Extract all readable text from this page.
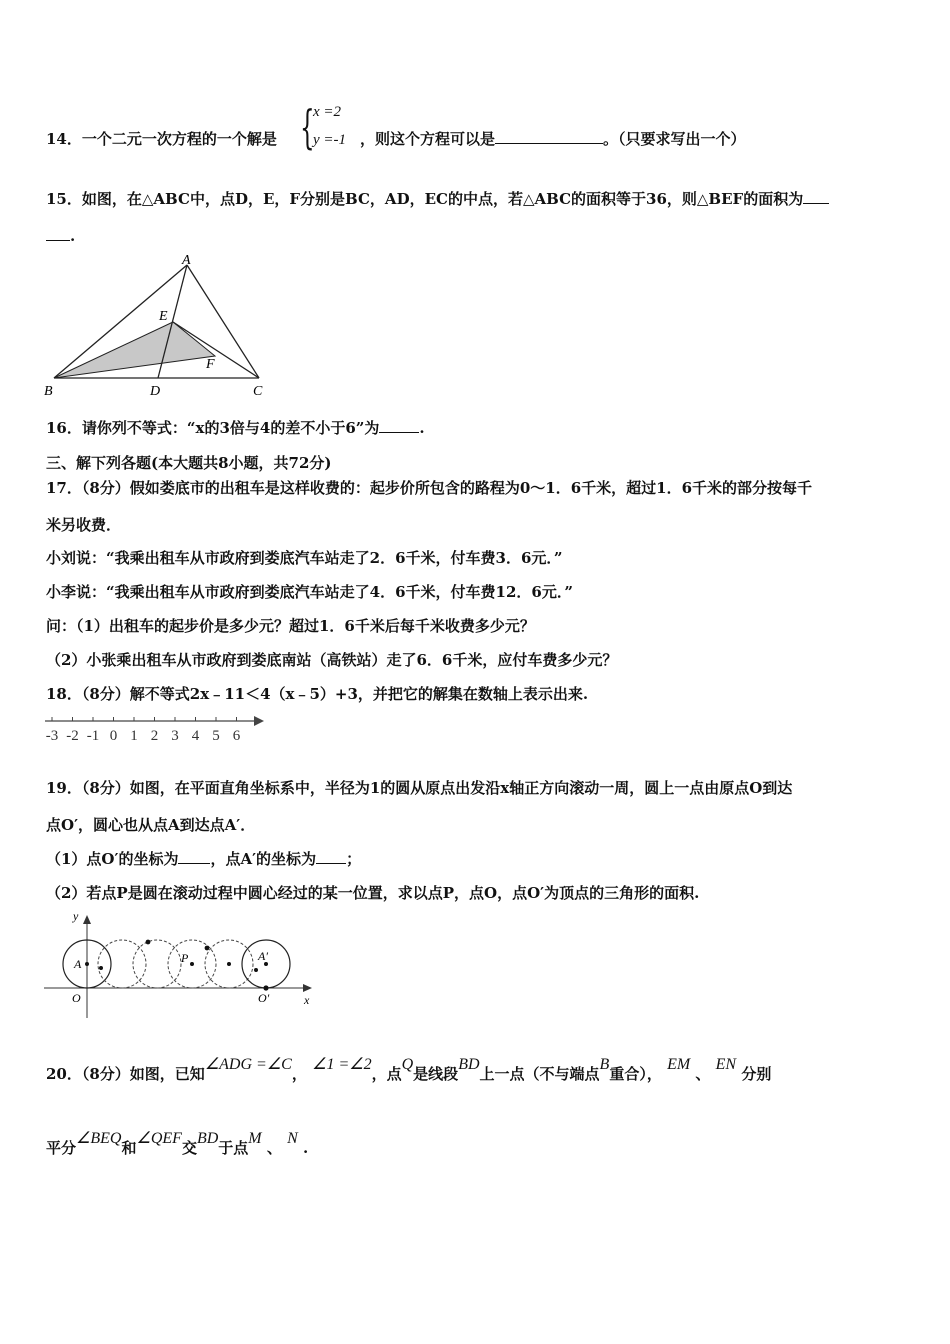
14．一个二元一次方程的一个解是 {
x =2
y =-1 ，则这个方程可以是	。（只要求写出一个）
15．如图，在△ABC中，点D，E，F分别是BC，AD，EC的中点，若△ABC的面积等于36，则△BEF的面积为
.
A
B	C
D
E
F
16．请你列不等式：“x的3倍与4的差不小于6”为	.
三、解下列各题(本大题共8小题，共72分)
17．（8分）假如娄底市的出租车是这样收费的：起步价所包含的路程为0～1．6千米，超过1．6千米的部分按每千
米另收费．
小刘说：“我乘出租车从市政府到娄底汽车站走了2．6千米，付车费3．6元．”
小李说：“我乘出租车从市政府到娄底汽车站走了4．6千米，付车费12．6元．”
问：（1）出租车的起步价是多少元？超过1．6千米后每千米收费多少元？
（2）小张乘出租车从市政府到娄底南站（高铁站）走了6．6千米，应付车费多少元？
18．（8分）解不等式2x﹣11＜4（x﹣5）+3，并把它的解集在数轴上表示出来.
-3 -2 -1 0 1 2 3 4 5 6
19．（8分）如图，在平面直角坐标系中，半径为1的圆从原点出发沿x轴正方向滚动一周，圆上一点由原点O到达
点O′，圆心也从点A到达点A′．
（1）点O′的坐标为 ，点A′的坐标为 ；
（2）若点P是圆在滚动过程中圆心经过的某一位置，求以点P，点O，点O′为顶点的三角形的面积.
x
y
A
O
P	A′
O′
20．（8分）如图，已知∠ADG =∠C， ∠1 =∠2，点Q是线段BD上一点（不与端点B重合）， EM 、 EN 分别
平分∠BEQ和∠QEF交BD于点M 、 N .
